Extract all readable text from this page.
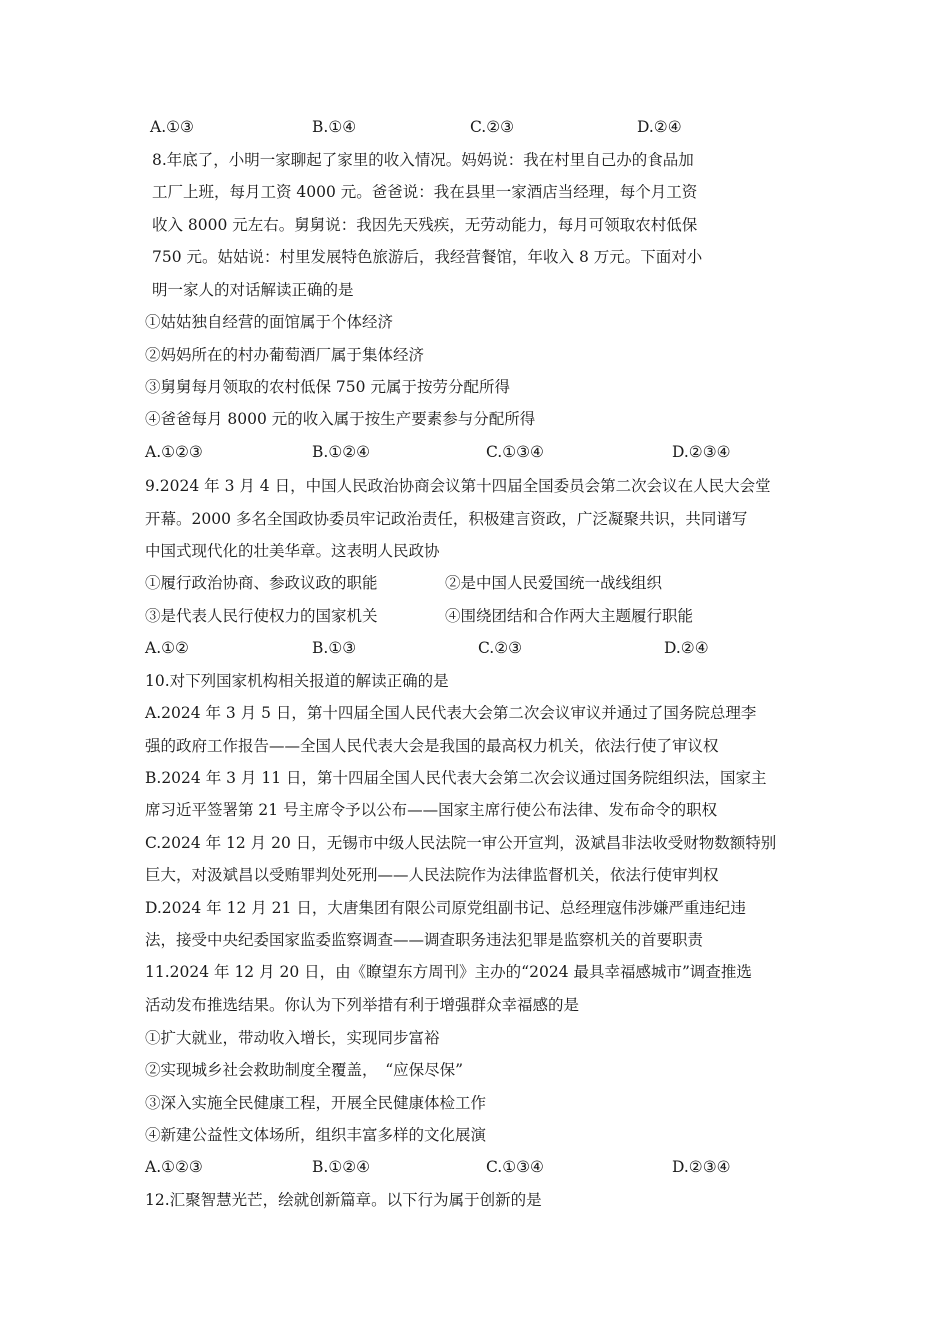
A.①③	B.①④	C.②③	D.②④
8.年底了，小明一家聊起了家里的收入情况。妈妈说：我在村里自己办的食品加
工厂上班，每月工资 4000 元。爸爸说：我在县里一家酒店当经理，每个月工资
收入 8000 元左右。舅舅说：我因先天残疾，无劳动能力，每月可领取农村低保
750 元。姑姑说：村里发展特色旅游后，我经营餐馆，年收入 8 万元。下面对小
明一家人的对话解读正确的是
①姑姑独自经营的面馆属于个体经济
②妈妈所在的村办葡萄酒厂属于集体经济
③舅舅每月领取的农村低保 750 元属于按劳分配所得
④爸爸每月 8000 元的收入属于按生产要素参与分配所得
A.①②③	B.①②④	C.①③④	D.②③④
9.2024 年 3 月 4 日，中国人民政治协商会议第十四届全国委员会第二次会议在人民大会堂
开幕。2000 多名全国政协委员牢记政治责任，积极建言资政，广泛凝聚共识，共同谱写
中国式现代化的壮美华章。这表明人民政协
①履行政治协商、参政议政的职能	②是中国人民爱国统一战线组织
③是代表人民行使权力的国家机关	④围绕团结和合作两大主题履行职能
A.①②	B.①③	C.②③	D.②④
10.对下列国家机构相关报道的解读正确的是
A.2024 年 3 月 5 日，第十四届全国人民代表大会第二次会议审议并通过了国务院总理李
强的政府工作报告——全国人民代表大会是我国的最高权力机关，依法行使了审议权
B.2024 年 3 月 11 日，第十四届全国人民代表大会第二次会议通过国务院组织法，国家主
席习近平签署第 21 号主席令予以公布——国家主席行使公布法律、发布命令的职权
C.2024 年 12 月 20 日，无锡市中级人民法院一审公开宣判，汲斌昌非法收受财物数额特别
巨大，对汲斌昌以受贿罪判处死刑——人民法院作为法律监督机关，依法行使审判权
D.2024 年 12 月 21 日，大唐集团有限公司原党组副书记、总经理寇伟涉嫌严重违纪违
法，接受中央纪委国家监委监察调查——调查职务违法犯罪是监察机关的首要职责
11.2024 年 12 月 20 日，由《瞭望东方周刊》主办的“2024 最具幸福感城市”调查推选
活动发布推选结果。你认为下列举措有利于增强群众幸福感的是
①扩大就业，带动收入增长，实现同步富裕
②实现城乡社会救助制度全覆盖，　“应保尽保”
③深入实施全民健康工程，开展全民健康体检工作
④新建公益性文体场所，组织丰富多样的文化展演
A.①②③	B.①②④	C.①③④	D.②③④
12.汇聚智慧光芒，绘就创新篇章。以下行为属于创新的是
